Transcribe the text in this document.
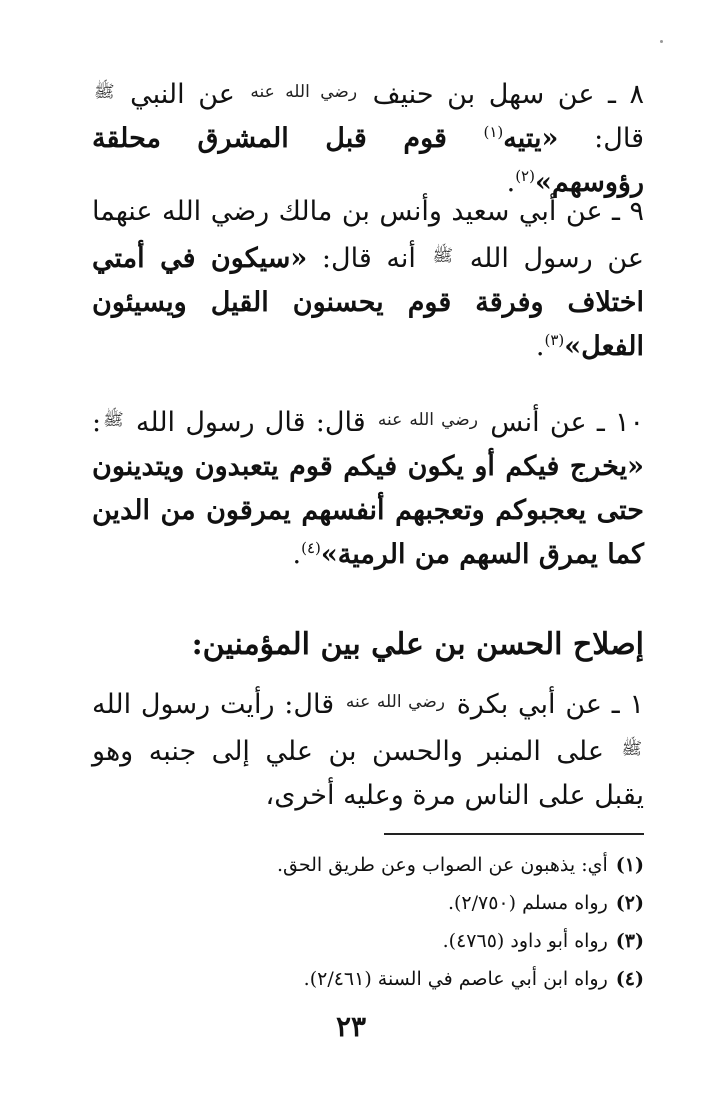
٨ ـ عن سهل بن حنيف $^{رضي الله عنه}$ عن النبي $^ﷺ$ قال: «يتيه$^{(١)}$ قوم قبل المشرق محلقة رؤوسهم»$^{(٢)}$.

٩ ـ عن أبي سعيد وأنس بن مالك رضي الله عنهما عن رسول الله $^ﷺ$ أنه قال: «سيكون في أمتي اختلاف وفرقة قوم يحسنون القيل ويسيئون الفعل»$^{(٣)}$.

١٠ ـ عن أنس $^{رضي الله عنه}$ قال: قال رسول الله $^ﷺ$: «يخرج فيكم أو يكون فيكم قوم يتعبدون ويتدينون حتى يعجبوكم وتعجبهم أنفسهم يمرقون من الدين كما يمرق السهم من الرمية»$^{(٤)}$.

إصلاح الحسن بن علي بين المؤمنين:

١ ـ عن أبي بكرة $^{رضي الله عنه}$ قال: رأيت رسول الله $^ﷺ$ على المنبر والحسن بن علي إلى جنبه وهو يقبل على الناس مرة وعليه أخرى،

(١)أي: يذهبون عن الصواب وعن طريق الحق.
(٢)رواه مسلم (٢/٧٥٠).
(٣)رواه أبو داود (٤٧٦٥).
(٤)رواه ابن أبي عاصم في السنة (٢/٤٦١).
٢٣
